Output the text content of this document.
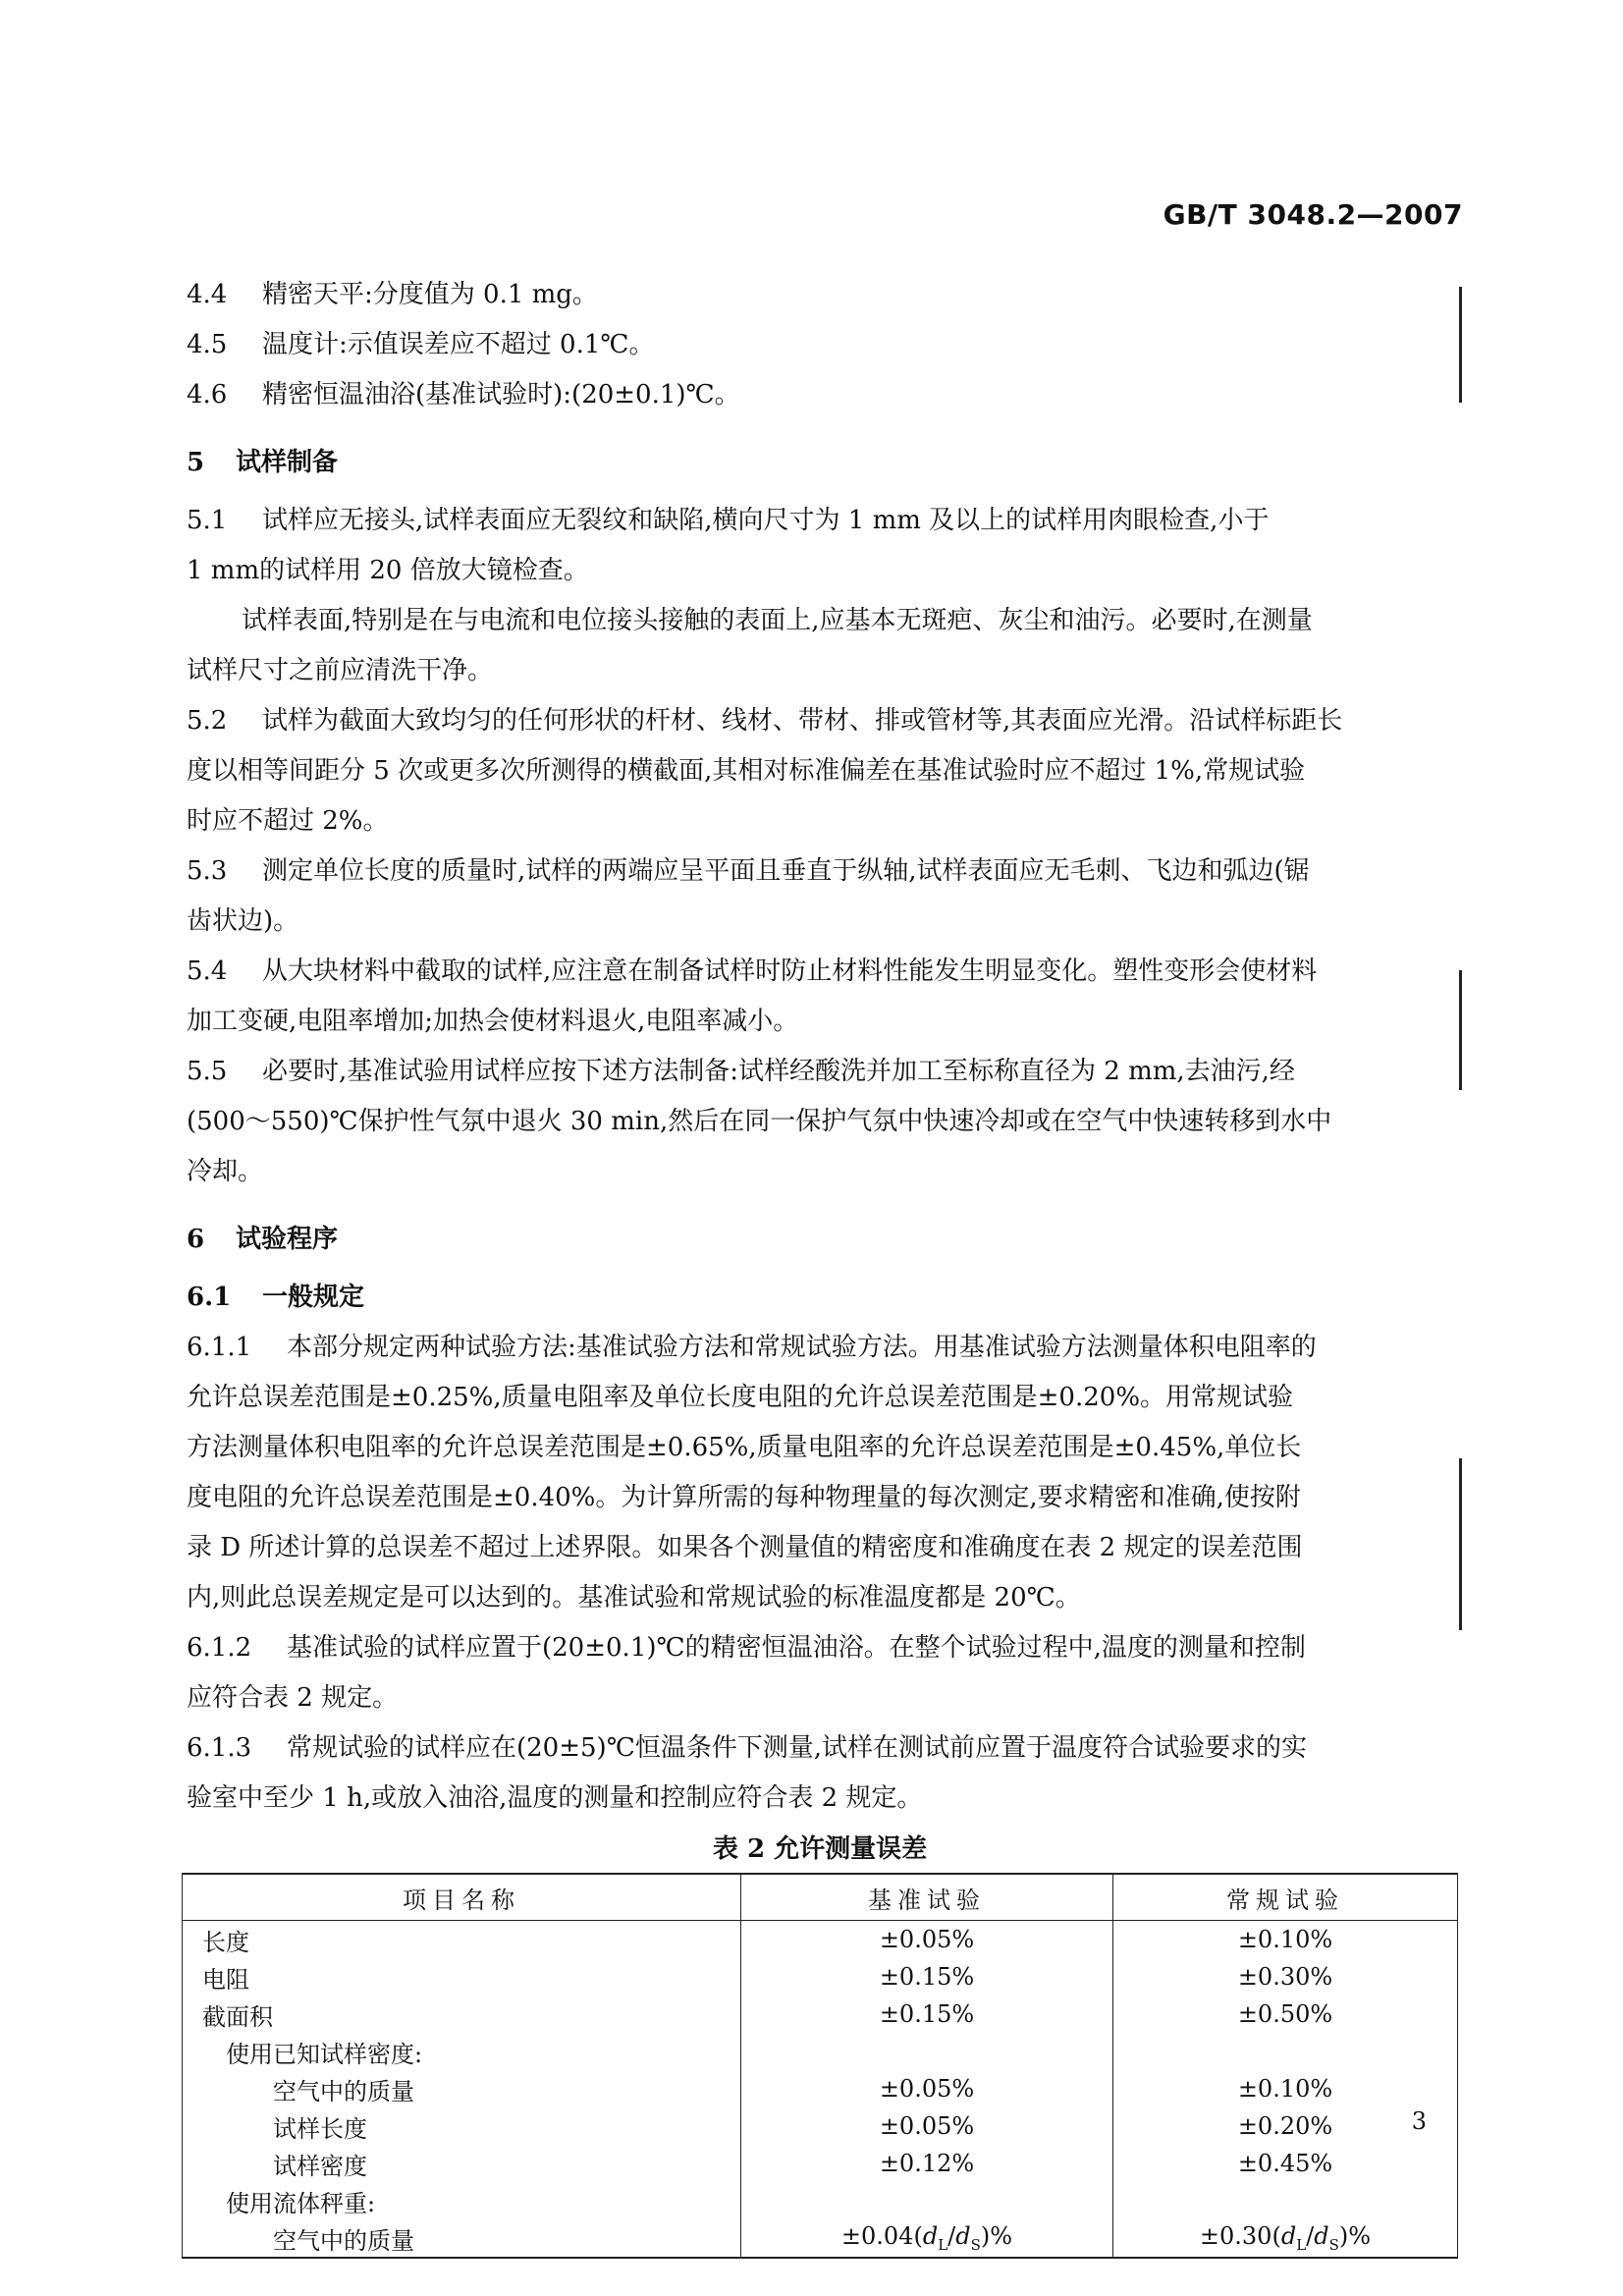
GB/T 3048.2—2007
4.4 精密天平:分度值为 0.1 mg。
4.5 温度计:示值误差应不超过 0.1℃。
4.6 精密恒温油浴(基准试验时):(20±0.1)℃。
5 试样制备
5.1 试样应无接头,试样表面应无裂纹和缺陷,横向尺寸为 1 mm 及以上的试样用肉眼检查,小于
1 mm的试样用 20 倍放大镜检查。
试样表面,特别是在与电流和电位接头接触的表面上,应基本无斑疤、灰尘和油污。必要时,在测量
试样尺寸之前应清洗干净。
5.2 试样为截面大致均匀的任何形状的杆材、线材、带材、排或管材等,其表面应光滑。沿试样标距长
度以相等间距分 5 次或更多次所测得的横截面,其相对标准偏差在基准试验时应不超过 1%,常规试验
时应不超过 2%。
5.3 测定单位长度的质量时,试样的两端应呈平面且垂直于纵轴,试样表面应无毛刺、飞边和弧边(锯
齿状边)。
5.4 从大块材料中截取的试样,应注意在制备试样时防止材料性能发生明显变化。塑性变形会使材料
加工变硬,电阻率增加;加热会使材料退火,电阻率减小。
5.5 必要时,基准试验用试样应按下述方法制备:试样经酸洗并加工至标称直径为 2 mm,去油污,经
(500～550)℃保护性气氛中退火 30 min,然后在同一保护气氛中快速冷却或在空气中快速转移到水中
冷却。
6 试验程序
6.1 一般规定
6.1.1 本部分规定两种试验方法:基准试验方法和常规试验方法。用基准试验方法测量体积电阻率的
允许总误差范围是±0.25%,质量电阻率及单位长度电阻的允许总误差范围是±0.20%。用常规试验
方法测量体积电阻率的允许总误差范围是±0.65%,质量电阻率的允许总误差范围是±0.45%,单位长
度电阻的允许总误差范围是±0.40%。为计算所需的每种物理量的每次测定,要求精密和准确,使按附
录 D 所述计算的总误差不超过上述界限。如果各个测量值的精密度和准确度在表 2 规定的误差范围
内,则此总误差规定是可以达到的。基准试验和常规试验的标准温度都是 20℃。
6.1.2 基准试验的试样应置于(20±0.1)℃的精密恒温油浴。在整个试验过程中,温度的测量和控制
应符合表 2 规定。
6.1.3 常规试验的试样应在(20±5)℃恒温条件下测量,试样在测试前应置于温度符合试验要求的实
验室中至少 1 h,或放入油浴,温度的测量和控制应符合表 2 规定。
表 2 允许测量误差
项目名称	基准试验	常规试验
长度	±0.05%	±0.10%
电阻	±0.15%	±0.30%
截面积	±0.15%	±0.50%
使用已知试样密度:		
空气中的质量	±0.05%	±0.10%
试样长度	±0.05%	±0.20%
试样密度	±0.12%	±0.45%
使用流体秤重:		
空气中的质量	$\pm 0.04(d_L/d_S)\%$	$\pm 0.30(d_L/d_S)\%$
3
